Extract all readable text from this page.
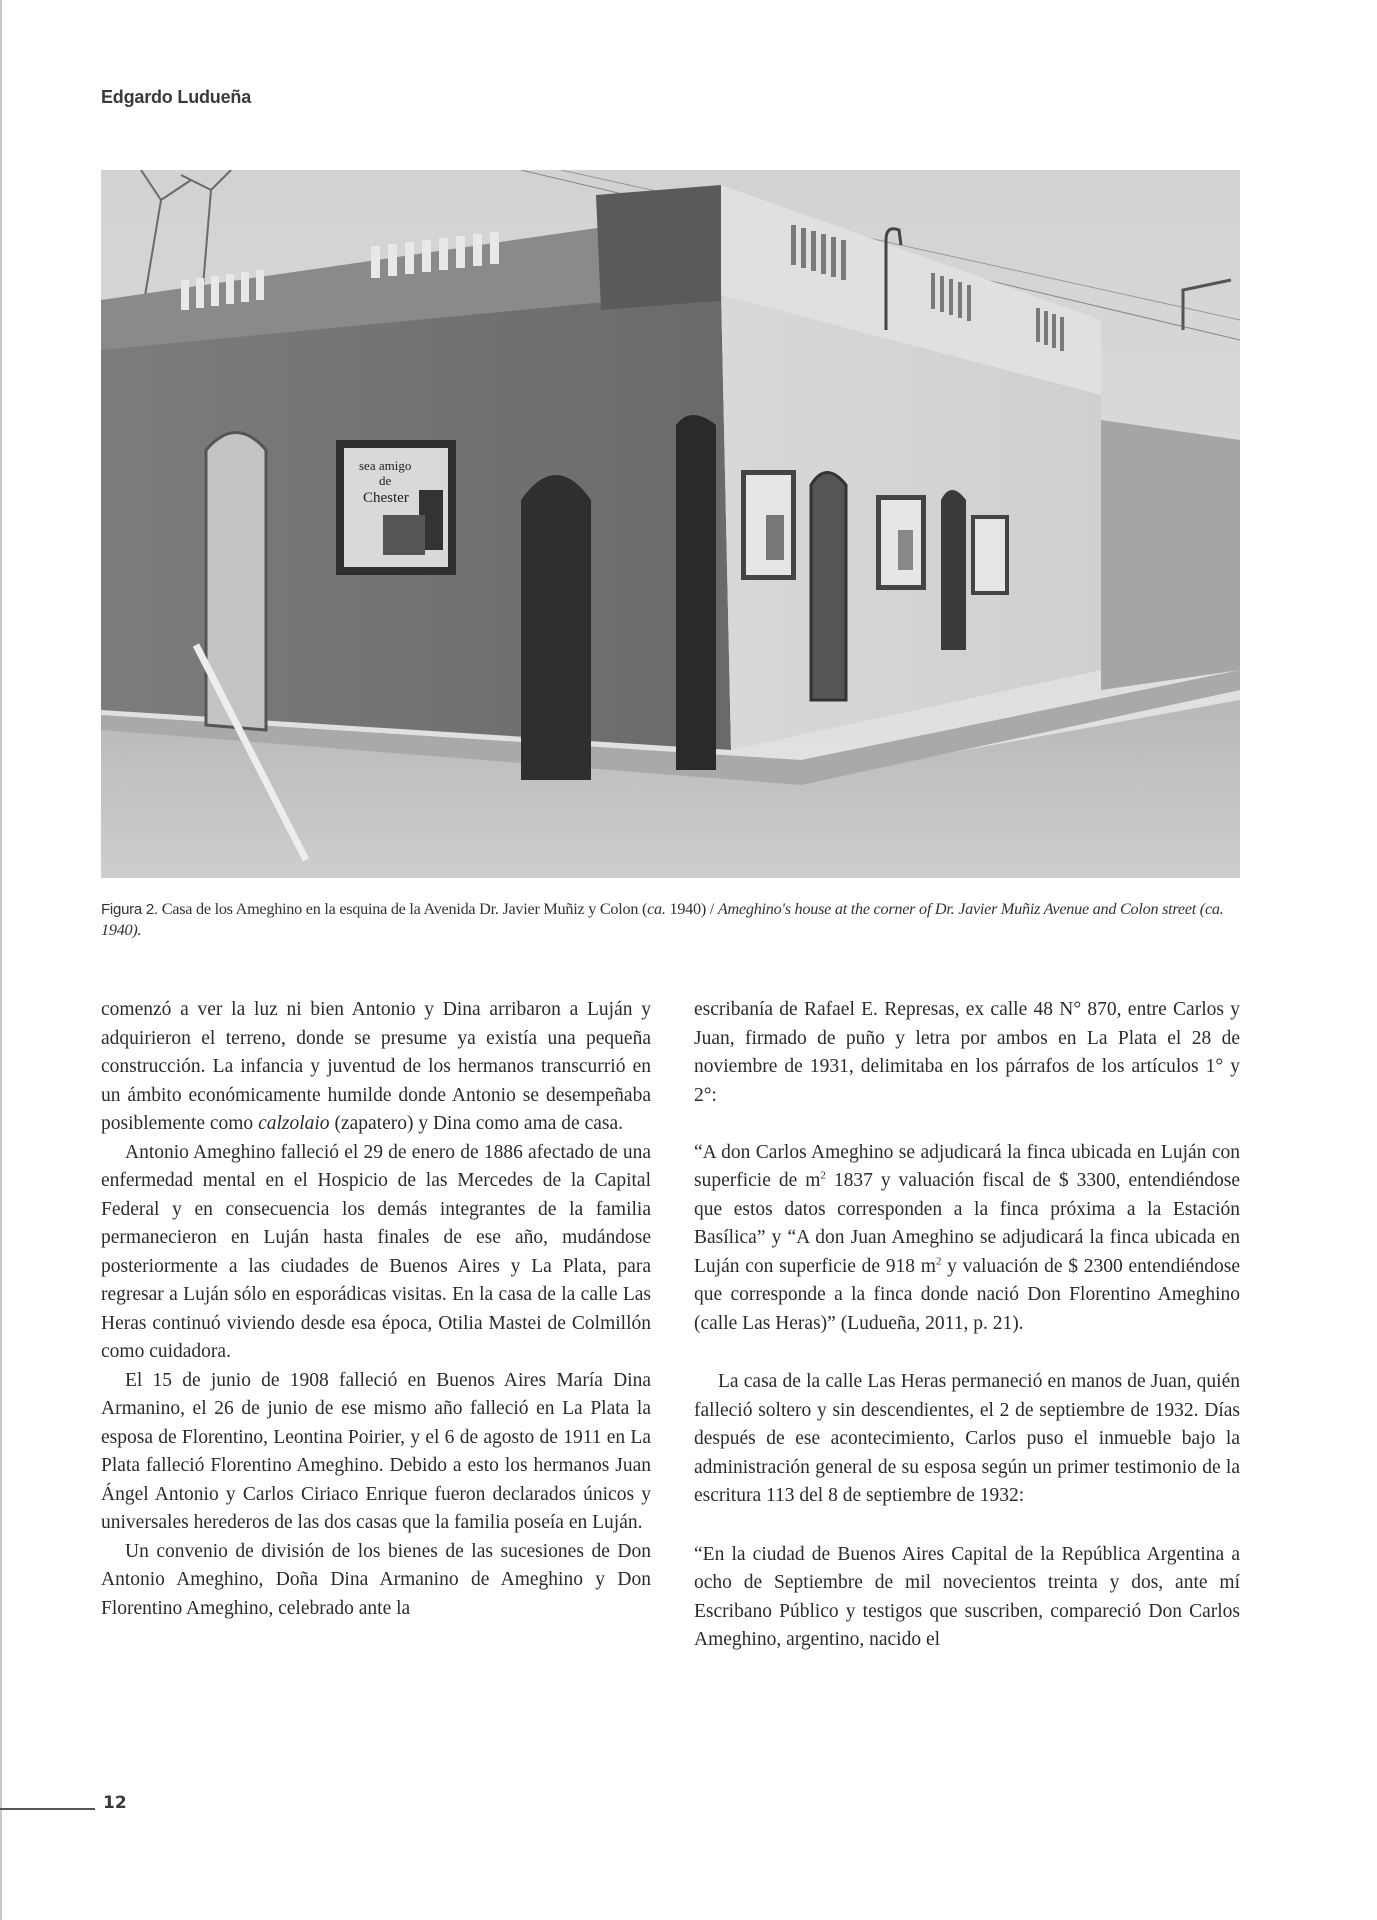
Edgardo Ludueña
sea amigo
de
Chester
Figura 2. Casa de los Ameghino en la esquina de la Avenida Dr. Javier Muñiz y Colon (ca. 1940) / Ameghino's house at the corner of Dr. Javier Muñiz Avenue and Colon street (ca. 1940).

comenzó a ver la luz ni bien Antonio y Dina arribaron a Luján y adquirieron el terreno, donde se presume ya existía una pequeña construcción. La infancia y juventud de los hermanos transcurrió en un ámbito económicamente humilde donde Antonio se desempeñaba posiblemente como calzolaio (zapatero) y Dina como ama de casa.

Antonio Ameghino falleció el 29 de enero de 1886 afectado de una enfermedad mental en el Hospicio de las Mercedes de la Capital Federal y en consecuencia los demás integrantes de la familia permanecieron en Luján hasta finales de ese año, mudándose posteriormente a las ciudades de Buenos Aires y La Plata, para regresar a Luján sólo en esporádicas visitas. En la casa de la calle Las Heras continuó viviendo desde esa época, Otilia Mastei de Colmillón como cuidadora.

El 15 de junio de 1908 falleció en Buenos Aires María Dina Armanino, el 26 de junio de ese mismo año falleció en La Plata la esposa de Florentino, Leontina Poirier, y el 6 de agosto de 1911 en La Plata falleció Florentino Ameghino. Debido a esto los hermanos Juan Ángel Antonio y Carlos Ciriaco Enrique fueron declarados únicos y universales herederos de las dos casas que la familia poseía en Luján.

Un convenio de división de los bienes de las sucesiones de Don Antonio Ameghino, Doña Dina Armanino de Ameghino y Don Florentino Ameghino, celebrado ante la

escribanía de Rafael E. Represas, ex calle 48 N° 870, entre Carlos y Juan, firmado de puño y letra por ambos en La Plata el 28 de noviembre de 1931, delimitaba en los párrafos de los artículos 1° y 2°:

“A don Carlos Ameghino se adjudicará la finca ubicada en Luján con superficie de $m^2$ 1837 y valuación fiscal de $ 3300, entendiéndose que estos datos corresponden a la finca próxima a la Estación Basílica” y “A don Juan Ameghino se adjudicará la finca ubicada en Luján con superficie de 918 $m^2$ y valuación de $ 2300 entendiéndose que corresponde a la finca donde nació Don Florentino Ameghino (calle Las Heras)” (Ludueña, 2011, p. 21).

La casa de la calle Las Heras permaneció en manos de Juan, quién falleció soltero y sin descendientes, el 2 de septiembre de 1932. Días después de ese acontecimiento, Carlos puso el inmueble bajo la administración general de su esposa según un primer testimonio de la escritura 113 del 8 de septiembre de 1932:

“En la ciudad de Buenos Aires Capital de la República Argentina a ocho de Septiembre de mil novecientos treinta y dos, ante mí Escribano Público y testigos que suscriben, compareció Don Carlos Ameghino, argentino, nacido el

12
